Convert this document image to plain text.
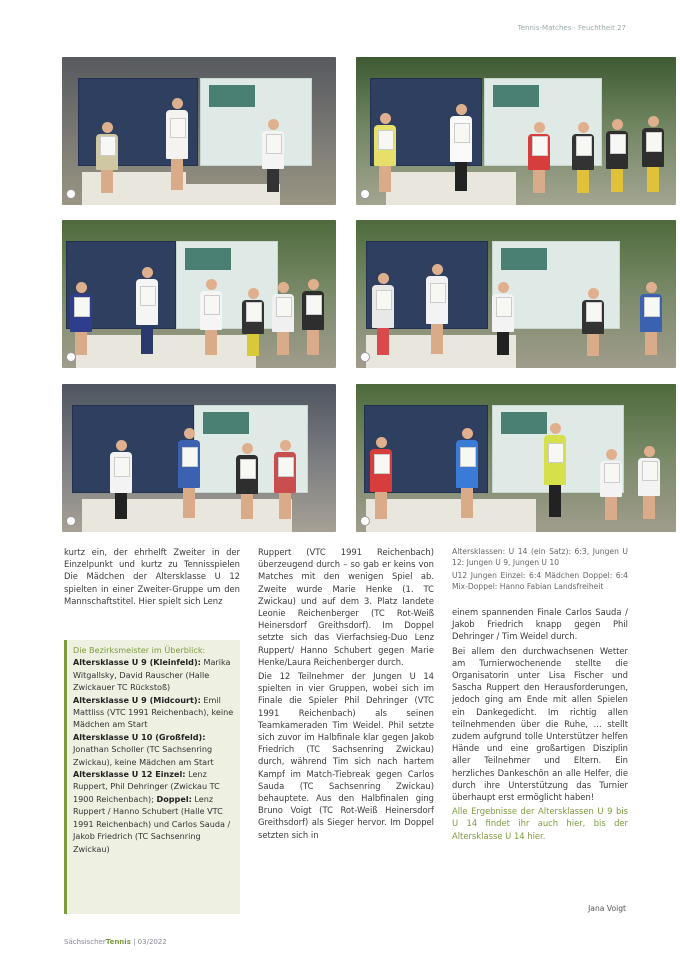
Tennis-Matches · Feuchtheit 27

kurtz ein, der ehrhelft Zweiter in der Einzelpunkt und kurtz zu Tennisspielen Die Mädchen der Altersklasse U 12 spielten in einer Zweiter-Gruppe um den Mannschaftstitel. Hier spielt sich Lenz

Die Bezirksmeister im Überblick:

Altersklasse U 9 (Kleinfeld): Marika Witgallsky, David Rauscher (Halle Zwickauer TC Rückstoß)

Altersklasse U 9 (Midcourt): Emil Mattliss (VTC 1991 Reichenbach), keine Mädchen am Start

Altersklasse U 10 (Großfeld): Jonathan Scholler (TC Sachsenring Zwickau), keine Mädchen am Start

Altersklasse U 12 Einzel: Lenz Ruppert, Phil Dehringer (Zwickau TC 1900 Reichenbach); Doppel: Lenz Ruppert / Hanno Schubert (Halle VTC 1991 Reichenbach) und Carlos Sauda / Jakob Friedrich (TC Sachsenring Zwickau)

Ruppert (VTC 1991 Reichenbach) überzeugend durch – so gab er keins von Matches mit den wenigen Spiel ab. Zweite wurde Marie Henke (1. TC Zwickau) und auf dem 3. Platz landete Leonie Reichenberger (TC Rot-Weiß Heinersdorf Greithsdorf). Im Doppel setzte sich das Vierfachsieg-Duo Lenz Ruppert/ Hanno Schubert gegen Marie Henke/Laura Reichenberger durch.

Die 12 Teilnehmer der Jungen U 14 spielten in vier Gruppen, wobei sich im Finale die Spieler Phil Dehringer (VTC 1991 Reichenbach) als seinen Teamkameraden Tim Weidel. Phil setzte sich zuvor im Halbfinale klar gegen Jakob Friedrich (TC Sachsenring Zwickau) durch, während Tim sich nach hartem Kampf im Match-Tiebreak gegen Carlos Sauda (TC Sachsenring Zwickau) behauptete. Aus den Halbfinalen ging Bruno Voigt (TC Rot-Weiß Heinersdorf Greithsdorf) als Sieger hervor. Im Doppel setzten sich in

Altersklassen: U 14 (ein Satz): 6:3, Jungen U 12: Jungen U 9, Jungen U 10

U12 Jungen Einzel: 6:4 Mädchen Doppel: 6:4 Mix-Doppel: Hanno Fabian Landsfreiheit

einem spannenden Finale Carlos Sauda / Jakob Friedrich knapp gegen Phil Dehringer / Tim Weidel durch.

Bei allem den durchwachsenen Wetter am Turnierwochenende stellte die Organisatorin unter Lisa Fischer und Sascha Ruppert den Herausforderungen, jedoch ging am Ende mit allen Spielen ein Dankegedicht. Im richtig allen teilnehmenden über die Ruhe, ... stellt zudem aufgrund tolle Unterstützer helfen Hände und eine großartigen Disziplin aller Teilnehmer und Eltern. Ein herzliches Dankeschön an alle Helfer, die durch ihre Unterstützung das Turnier überhaupt erst ermöglicht haben!

Alle Ergebnisse der Altersklassen U 9 bis U 14 findet ihr auch hier, bis der Altersklasse U 14 hier.

Jana Voigt
SächsischerTennis | 03/2022
